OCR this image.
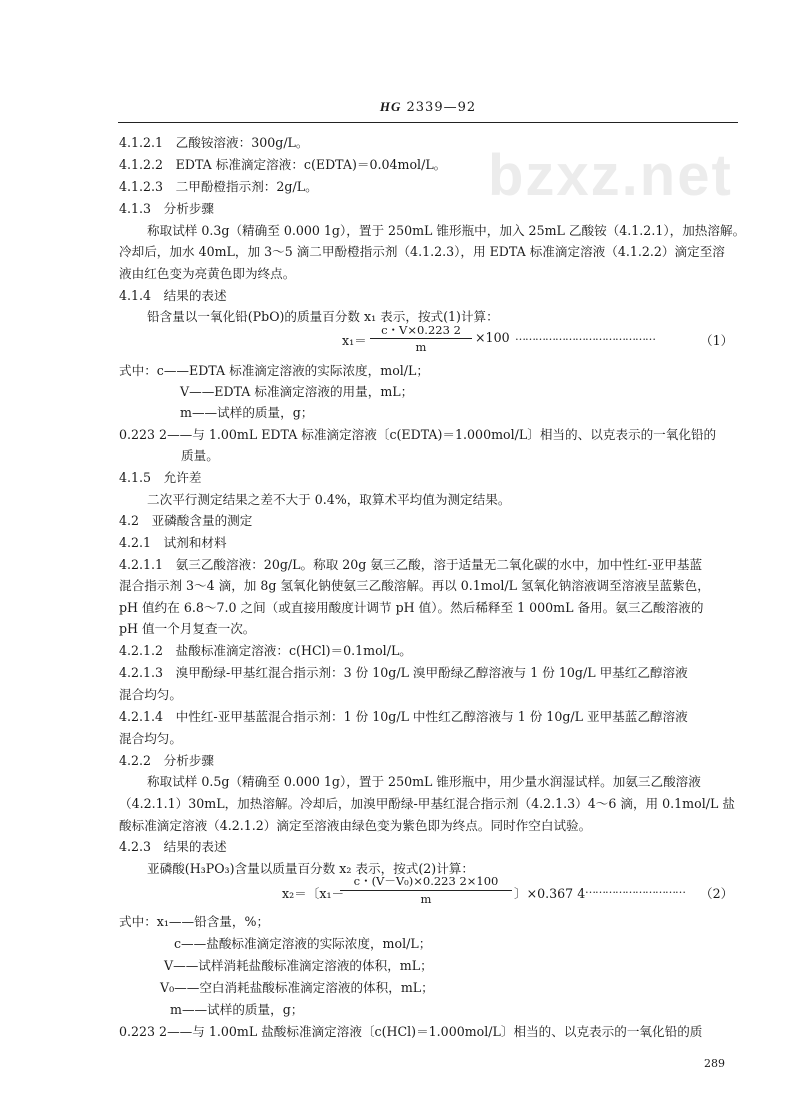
bzxz.net
HG 2339—92
4.1.2.1　乙酸铵溶液：300g/L。
4.1.2.2　EDTA 标准滴定溶液：c(EDTA)＝0.04mol/L。
4.1.2.3　二甲酚橙指示剂：2g/L。
4.1.3　分析步骤
称取试样 0.3g（精确至 0.000 1g），置于 250mL 锥形瓶中，加入 25mL 乙酸铵（4.1.2.1），加热溶解。
冷却后，加水 40mL，加 3～5 滴二甲酚橙指示剂（4.1.2.3），用 EDTA 标准滴定溶液（4.1.2.2）滴定至溶
液由红色变为亮黄色即为终点。
4.1.4　结果的表述
铅含量以一氧化铅(PbO)的质量百分数 x₁ 表示，按式(1)计算：
x₁＝
c・V×0.223 2
m
×100 ……………………………………	（1）
式中：c——EDTA 标准滴定溶液的实际浓度，mol/L；
V——EDTA 标准滴定溶液的用量，mL；
m——试样的质量，g；
0.223 2——与 1.00mL EDTA 标准滴定溶液〔c(EDTA)＝1.000mol/L〕相当的、以克表示的一氧化铅的
质量。
4.1.5　允许差
二次平行测定结果之差不大于 0.4%，取算术平均值为测定结果。
4.2　亚磷酸含量的测定
4.2.1　试剂和材料
4.2.1.1　氨三乙酸溶液：20g/L。称取 20g 氨三乙酸，溶于适量无二氧化碳的水中，加中性红-亚甲基蓝
混合指示剂 3～4 滴，加 8g 氢氧化钠使氨三乙酸溶解。再以 0.1mol/L 氢氧化钠溶液调至溶液呈蓝紫色，
pH 值约在 6.8～7.0 之间（或直接用酸度计调节 pH 值）。然后稀释至 1 000mL 备用。氨三乙酸溶液的
pH 值一个月复查一次。
4.2.1.2　盐酸标准滴定溶液：c(HCl)＝0.1mol/L。
4.2.1.3　溴甲酚绿-甲基红混合指示剂：3 份 10g/L 溴甲酚绿乙醇溶液与 1 份 10g/L 甲基红乙醇溶液
混合均匀。
4.2.1.4　中性红-亚甲基蓝混合指示剂：1 份 10g/L 中性红乙醇溶液与 1 份 10g/L 亚甲基蓝乙醇溶液
混合均匀。
4.2.2　分析步骤
称取试样 0.5g（精确至 0.000 1g），置于 250mL 锥形瓶中，用少量水润湿试样。加氨三乙酸溶液
（4.2.1.1）30mL，加热溶解。冷却后，加溴甲酚绿-甲基红混合指示剂（4.2.1.3）4～6 滴，用 0.1mol/L 盐
酸标准滴定溶液（4.2.1.2）滴定至溶液由绿色变为紫色即为终点。同时作空白试验。
4.2.3　结果的表述
亚磷酸(H₃PO₃)含量以质量百分数 x₂ 表示，按式(2)计算：
x₂＝〔x₁－
c・(V－V₀)×0.223 2×100
m	〕×0.367 4 ………………………… （2）
式中：x₁——铅含量，%；
c——盐酸标准滴定溶液的实际浓度，mol/L；
V——试样消耗盐酸标准滴定溶液的体积，mL；
V₀——空白消耗盐酸标准滴定溶液的体积，mL；
m——试样的质量，g；
0.223 2——与 1.00mL 盐酸标准滴定溶液〔c(HCl)＝1.000mol/L〕相当的、以克表示的一氧化铅的质
289
